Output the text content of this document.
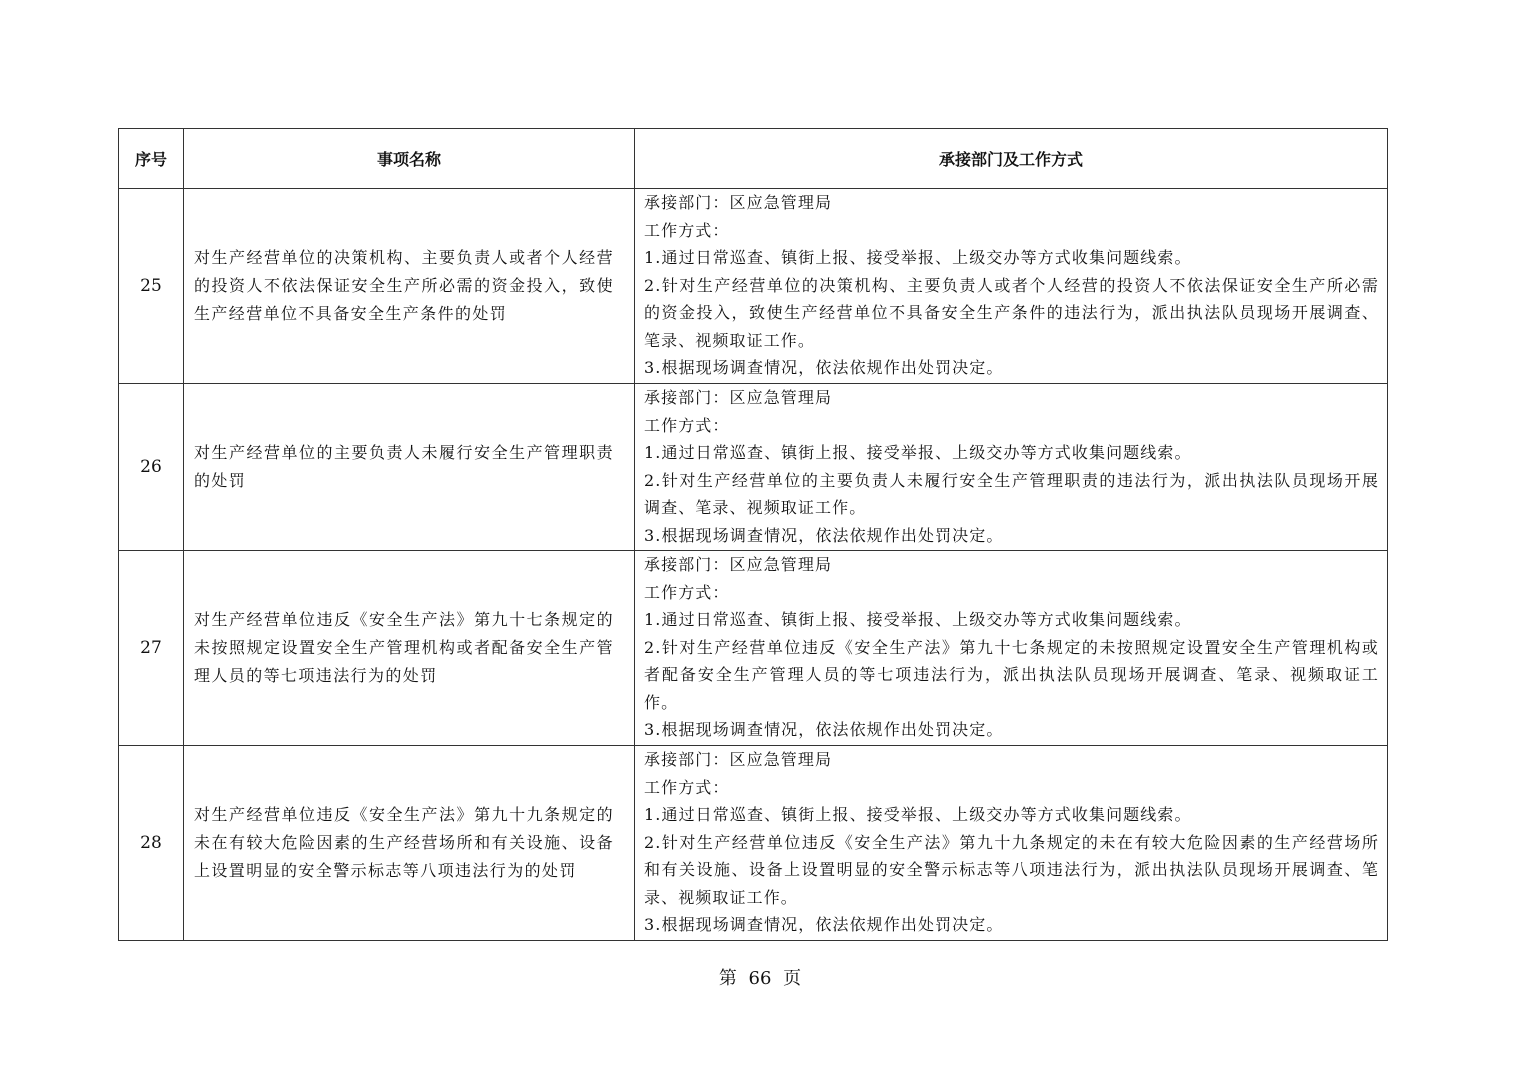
序号	事项名称	承接部门及工作方式
25	对生产经营单位的决策机构、主要负责人或者个人经营的投资人不依法保证安全生产所必需的资金投入，致使生产经营单位不具备安全生产条件的处罚	承接部门：区应急管理局
工作方式：
1.通过日常巡查、镇街上报、接受举报、上级交办等方式收集问题线索。
2.针对生产经营单位的决策机构、主要负责人或者个人经营的投资人不依法保证安全生产所必需的资金投入，致使生产经营单位不具备安全生产条件的违法行为，派出执法队员现场开展调查、笔录、视频取证工作。
3.根据现场调查情况，依法依规作出处罚决定。

26	对生产经营单位的主要负责人未履行安全生产管理职责的处罚	承接部门：区应急管理局
工作方式：
1.通过日常巡查、镇街上报、接受举报、上级交办等方式收集问题线索。
2.针对生产经营单位的主要负责人未履行安全生产管理职责的违法行为，派出执法队员现场开展调查、笔录、视频取证工作。
3.根据现场调查情况，依法依规作出处罚决定。

27	对生产经营单位违反《安全生产法》第九十七条规定的未按照规定设置安全生产管理机构或者配备安全生产管理人员的等七项违法行为的处罚	承接部门：区应急管理局
工作方式：
1.通过日常巡查、镇街上报、接受举报、上级交办等方式收集问题线索。
2.针对生产经营单位违反《安全生产法》第九十七条规定的未按照规定设置安全生产管理机构或者配备安全生产管理人员的等七项违法行为，派出执法队员现场开展调查、笔录、视频取证工作。
3.根据现场调查情况，依法依规作出处罚决定。

28	对生产经营单位违反《安全生产法》第九十九条规定的未在有较大危险因素的生产经营场所和有关设施、设备上设置明显的安全警示标志等八项违法行为的处罚	承接部门：区应急管理局
工作方式：
1.通过日常巡查、镇街上报、接受举报、上级交办等方式收集问题线索。
2.针对生产经营单位违反《安全生产法》第九十九条规定的未在有较大危险因素的生产经营场所和有关设施、设备上设置明显的安全警示标志等八项违法行为，派出执法队员现场开展调查、笔录、视频取证工作。
3.根据现场调查情况，依法依规作出处罚决定。
第 66 页
